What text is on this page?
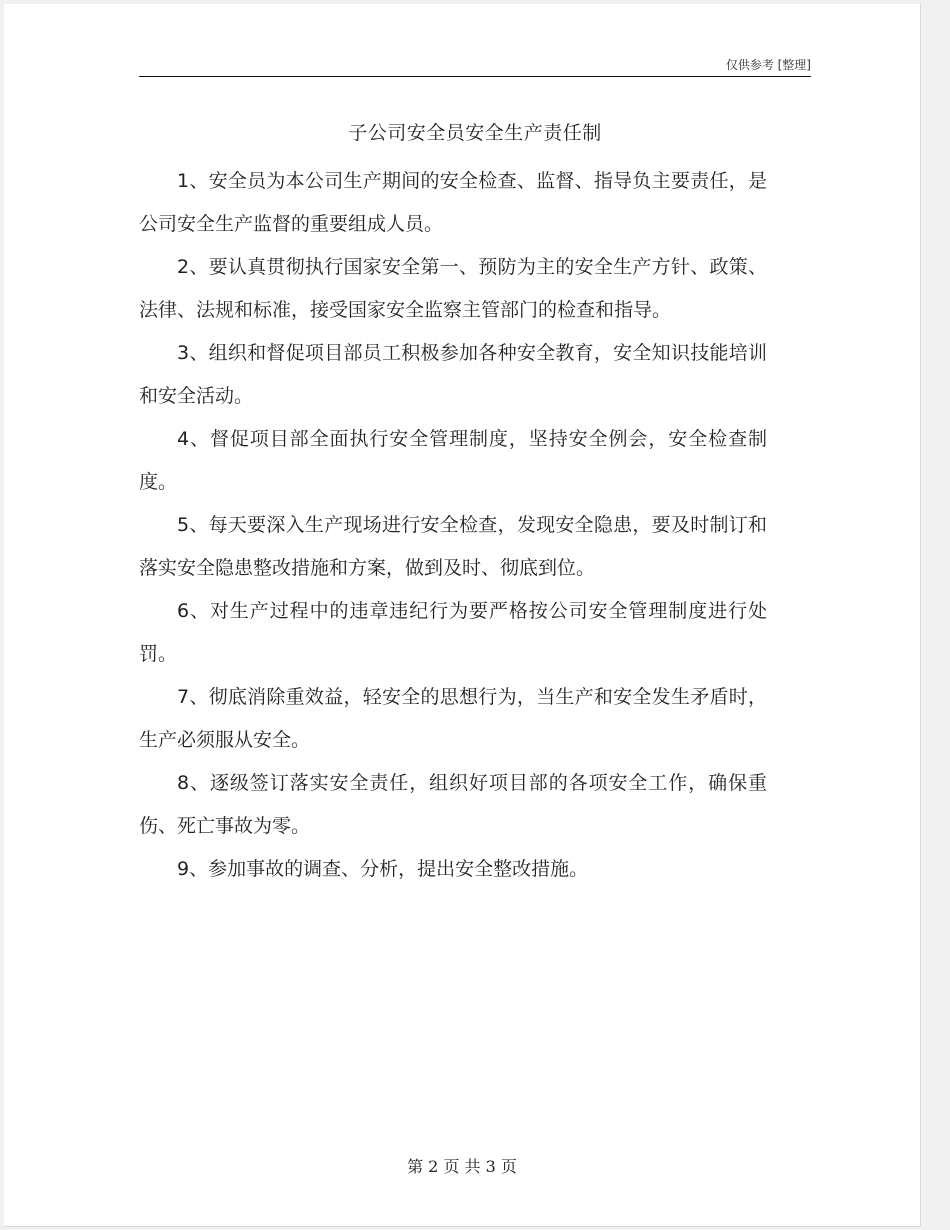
仅供参考 [整理]
子公司安全员安全生产责任制

1、安全员为本公司生产期间的安全检查、监督、指导负主要责任，是公司安全生产监督的重要组成人员。

2、要认真贯彻执行国家安全第一、预防为主的安全生产方针、政策、法律、法规和标准，接受国家安全监察主管部门的检查和指导。

3、组织和督促项目部员工积极参加各种安全教育，安全知识技能培训和安全活动。

4、督促项目部全面执行安全管理制度，坚持安全例会，安全检查制度。

5、每天要深入生产现场进行安全检查，发现安全隐患，要及时制订和落实安全隐患整改措施和方案，做到及时、彻底到位。

6、对生产过程中的违章违纪行为要严格按公司安全管理制度进行处罚。

7、彻底消除重效益，轻安全的思想行为，当生产和安全发生矛盾时，生产必须服从安全。

8、逐级签订落实安全责任，组织好项目部的各项安全工作，确保重伤、死亡事故为零。

9、参加事故的调查、分析，提出安全整改措施。

第 2 页 共 3 页
